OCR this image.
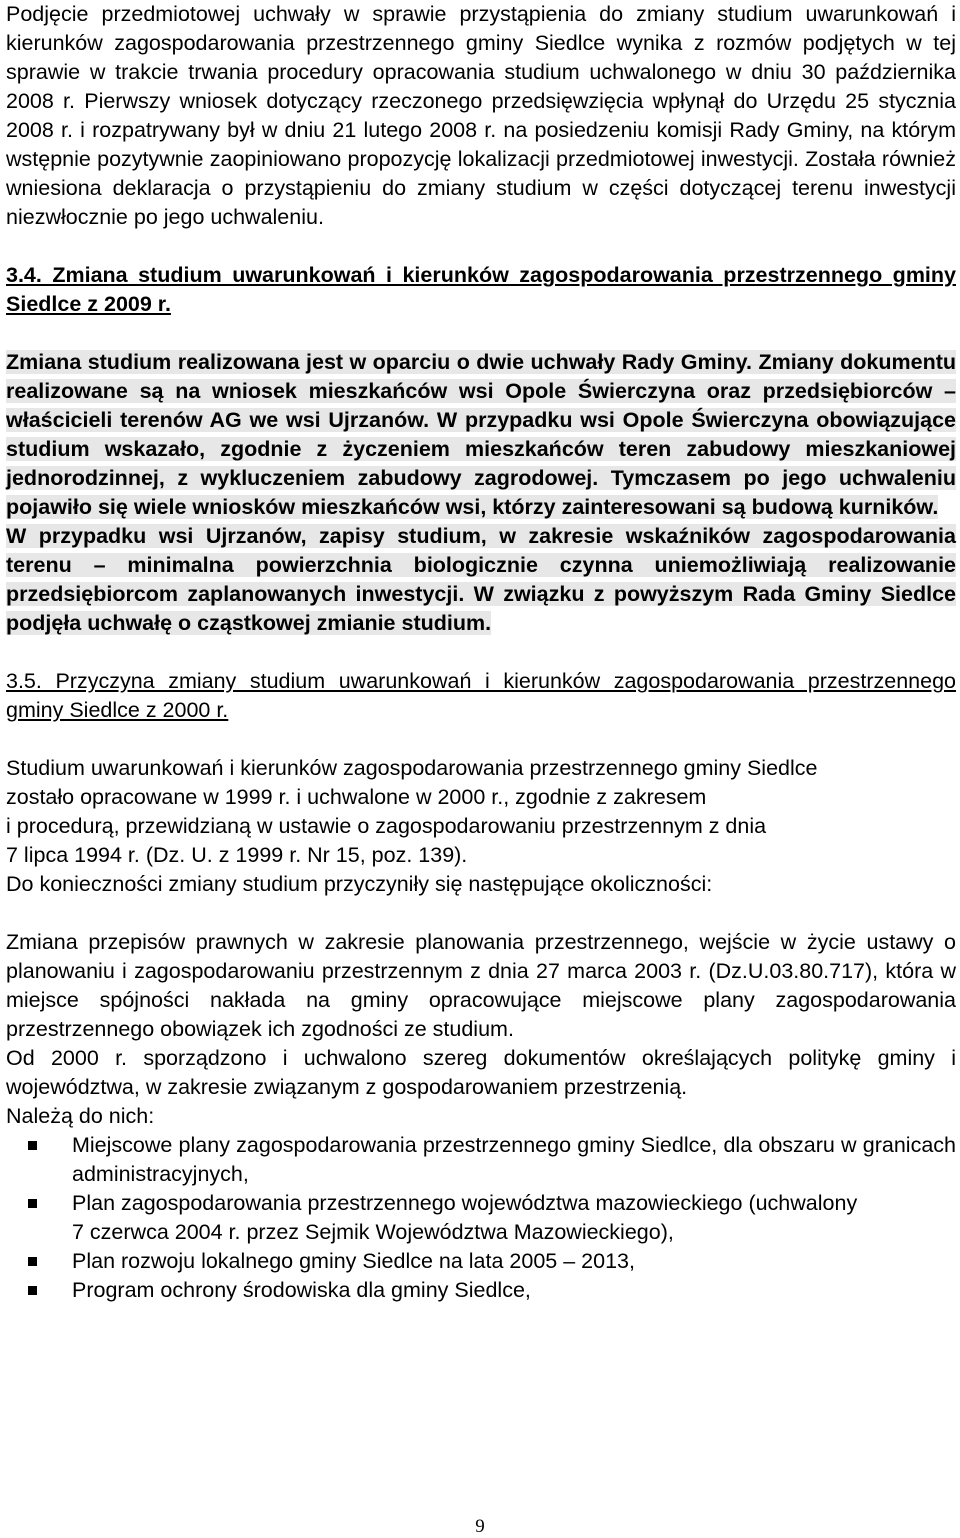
Podjęcie przedmiotowej uchwały w sprawie przystąpienia do zmiany studium uwarunkowań i kierunków zagospodarowania przestrzennego gminy Siedlce wynika z rozmów podjętych w tej sprawie w trakcie trwania procedury opracowania studium uchwalonego w dniu 30 października 2008 r. Pierwszy wniosek dotyczący rzeczonego przedsięwzięcia wpłynął do Urzędu 25 stycznia 2008 r. i rozpatrywany był w dniu 21 lutego 2008 r. na posiedzeniu komisji Rady Gminy, na którym wstępnie pozytywnie zaopiniowano propozycję lokalizacji przedmiotowej inwestycji. Została również wniesiona deklaracja o przystąpieniu do zmiany studium w części dotyczącej terenu inwestycji niezwłocznie po jego uchwaleniu.

3.4. Zmiana studium uwarunkowań i kierunków zagospodarowania przestrzennego gminy Siedlce z 2009 r.

Zmiana studium realizowana jest w oparciu o dwie uchwały Rady Gminy. Zmiany dokumentu realizowane są na wniosek mieszkańców wsi Opole Świerczyna oraz przedsiębiorców – właścicieli terenów AG we wsi Ujrzanów. W przypadku wsi Opole Świerczyna obowiązujące studium wskazało, zgodnie z życzeniem mieszkańców teren zabudowy mieszkaniowej jednorodzinnej, z wykluczeniem zabudowy zagrodowej. Tymczasem po jego uchwaleniu pojawiło się wiele wniosków mieszkańców wsi, którzy zainteresowani są budową kurników.

W przypadku wsi Ujrzanów, zapisy studium, w zakresie wskaźników zagospodarowania terenu – minimalna powierzchnia biologicznie czynna uniemożliwiają realizowanie przedsiębiorcom zaplanowanych inwestycji. W związku z powyższym Rada Gminy Siedlce podjęła uchwałę o cząstkowej zmianie studium.

3.5. Przyczyna zmiany studium uwarunkowań i kierunków zagospodarowania przestrzennego gminy Siedlce z 2000 r.

Studium uwarunkowań i kierunków zagospodarowania przestrzennego gminy Siedlce

zostało opracowane w 1999 r. i uchwalone w 2000 r., zgodnie z zakresem

i procedurą, przewidzianą w ustawie o zagospodarowaniu przestrzennym z dnia

7 lipca 1994 r. (Dz. U. z 1999 r. Nr 15, poz. 139).

Do konieczności zmiany studium przyczyniły się następujące okoliczności:

Zmiana przepisów prawnych w zakresie planowania przestrzennego, wejście w życie ustawy o planowaniu i zagospodarowaniu przestrzennym z dnia 27 marca 2003 r. (Dz.U.03.80.717), która w miejsce spójności nakłada na gminy opracowujące miejscowe plany zagospodarowania przestrzennego obowiązek ich zgodności ze studium.

Od 2000 r. sporządzono i uchwalono szereg dokumentów określających politykę gminy i województwa, w zakresie związanym z gospodarowaniem przestrzenią.

Należą do nich:

Miejscowe plany zagospodarowania przestrzennego gminy Siedlce, dla obszaru w granicach administracyjnych,
Plan zagospodarowania przestrzennego województwa mazowieckiego (uchwalony
7 czerwca 2004 r. przez Sejmik Województwa Mazowieckiego),
Plan rozwoju lokalnego gminy Siedlce na lata 2005 – 2013,
Program ochrony środowiska dla gminy Siedlce,
9
